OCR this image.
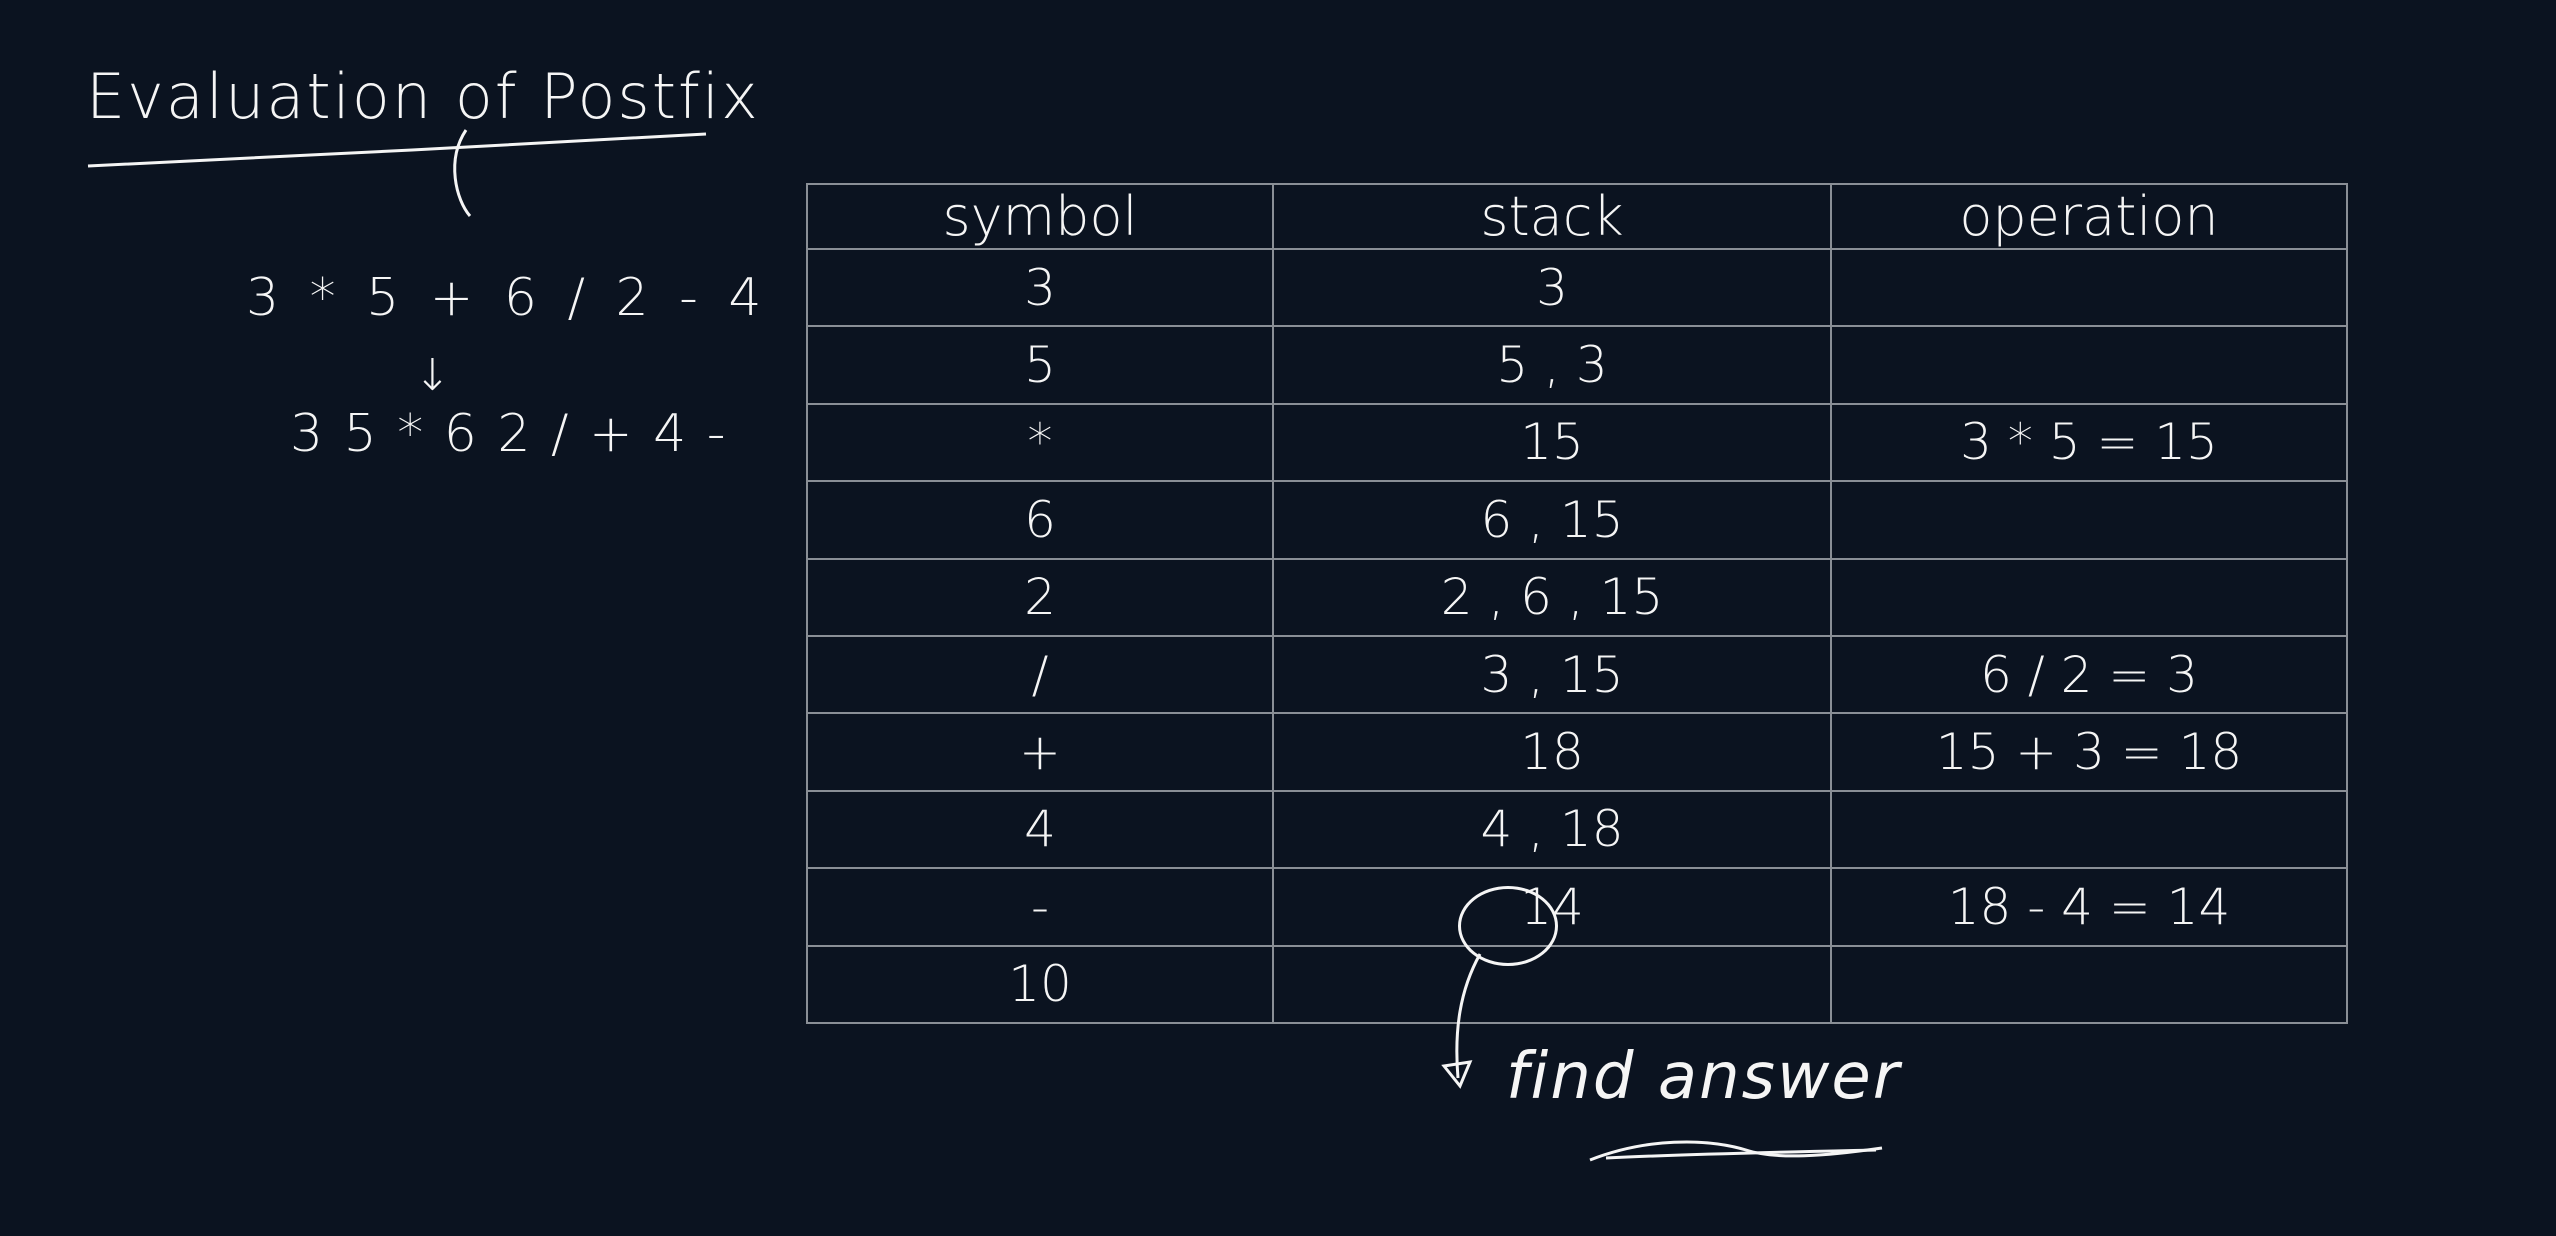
Evaluation of Postfix
3 * 5 + 6 / 2 - 4
↓
3 5 * 6 2 / + 4 -
symbol	stack	operation
3	3	
5	5 , 3	
*	15	3 * 5 = 15
6	6 , 15	
2	2 , 6 , 15	
/	3 , 15	6 / 2 = 3
+	18	15 + 3 = 18
4	4 , 18	
-	14	18 - 4 = 14
10		
find answer
